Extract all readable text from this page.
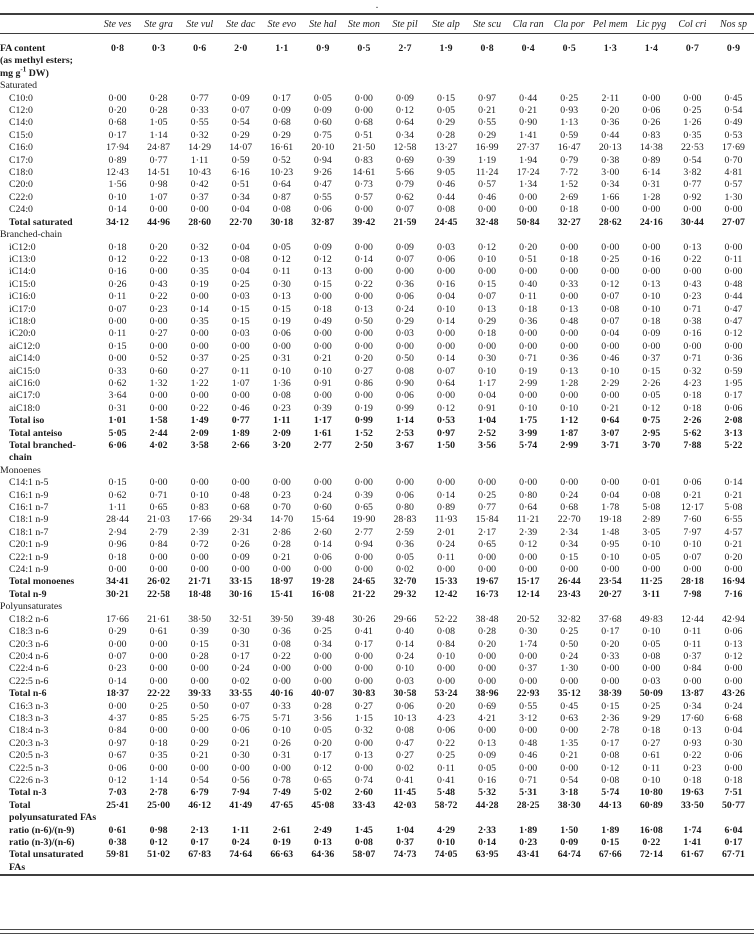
.
	Ste ves	Ste gra	Ste vul	Ste dac	Ste evo	Ste hal	Ste mon	Ste pil	Ste alp	Ste scu	Cla ran	Cla por	Pel mem	Lic pyg	Col cri	Nos sp
FA content
(as methyl esters;
mg $g^{-1}$ DW)	0·8	0·3	0·6	2·0	1·1	0·9	0·5	2·7	1·9	0·8	0·4	0·5	1·3	1·4	0·7	0·9
Saturated																
C10:0	0·00	0·28	0·77	0·09	0·17	0·05	0·00	0·09	0·15	0·97	0·44	0·25	2·11	0·00	0·00	0·45
C12:0	0·20	0·28	0·33	0·07	0·09	0·09	0·00	0·12	0·05	0·21	0·21	0·93	0·20	0·06	0·25	0·54
C14:0	0·68	1·05	0·55	0·54	0·68	0·60	0·68	0·64	0·29	0·55	0·90	1·13	0·36	0·26	1·26	0·49
C15:0	0·17	1·14	0·32	0·29	0·29	0·75	0·51	0·34	0·28	0·29	1·41	0·59	0·44	0·83	0·35	0·53
C16:0	17·94	24·87	14·29	14·07	16·61	20·10	21·50	12·58	13·27	16·99	27·37	16·47	20·13	14·38	22·53	17·69
C17:0	0·89	0·77	1·11	0·59	0·52	0·94	0·83	0·69	0·39	1·19	1·94	0·79	0·38	0·89	0·54	0·70
C18:0	12·43	14·51	10·43	6·16	10·23	9·26	14·61	5·66	9·05	11·24	17·24	7·72	3·00	6·14	3·82	4·81
C20:0	1·56	0·98	0·42	0·51	0·64	0·47	0·73	0·79	0·46	0·57	1·34	1·52	0·34	0·31	0·77	0·57
C22:0	0·10	1·07	0·37	0·34	0·87	0·55	0·57	0·62	0·44	0·46	0·00	2·69	1·66	1·28	0·92	1·30
C24:0	0·14	0·00	0·00	0·04	0·08	0·06	0·00	0·07	0·08	0·00	0·00	0·18	0·00	0·00	0·00	0·00
Total saturated	34·12	44·96	28·60	22·70	30·18	32·87	39·42	21·59	24·45	32·48	50·84	32·27	28·62	24·16	30·44	27·07
Branched-chain																
iC12:0	0·18	0·20	0·32	0·04	0·05	0·09	0·00	0·09	0·03	0·12	0·20	0·00	0·00	0·00	0·13	0·00
iC13:0	0·12	0·22	0·13	0·08	0·12	0·12	0·14	0·07	0·06	0·10	0·51	0·18	0·25	0·16	0·22	0·11
iC14:0	0·16	0·00	0·35	0·04	0·11	0·13	0·00	0·00	0·00	0·00	0·00	0·00	0·00	0·00	0·00	0·00
iC15:0	0·26	0·43	0·19	0·25	0·30	0·15	0·22	0·36	0·16	0·15	0·40	0·33	0·12	0·13	0·43	0·48
iC16:0	0·11	0·22	0·00	0·03	0·13	0·00	0·00	0·06	0·04	0·07	0·11	0·00	0·07	0·10	0·23	0·44
iC17:0	0·07	0·23	0·14	0·15	0·15	0·18	0·13	0·24	0·10	0·13	0·18	0·13	0·08	0·10	0·71	0·47
iC18:0	0·00	0·00	0·35	0·15	0·19	0·49	0·50	0·29	0·14	0·29	0·36	0·48	0·07	0·18	0·38	0·47
iC20:0	0·11	0·27	0·00	0·03	0·06	0·00	0·00	0·03	0·00	0·18	0·00	0·00	0·04	0·09	0·16	0·12
aiC12:0	0·15	0·00	0·00	0·00	0·00	0·00	0·00	0·00	0·00	0·00	0·00	0·00	0·00	0·00	0·00	0·00
aiC14:0	0·00	0·52	0·37	0·25	0·31	0·21	0·20	0·50	0·14	0·30	0·71	0·36	0·46	0·37	0·71	0·36
aiC15:0	0·33	0·60	0·27	0·11	0·10	0·10	0·27	0·08	0·07	0·10	0·19	0·13	0·10	0·15	0·32	0·59
aiC16:0	0·62	1·32	1·22	1·07	1·36	0·91	0·86	0·90	0·64	1·17	2·99	1·28	2·29	2·26	4·23	1·95
aiC17:0	3·64	0·00	0·00	0·00	0·08	0·00	0·00	0·06	0·00	0·04	0·00	0·00	0·00	0·05	0·18	0·17
aiC18:0	0·31	0·00	0·22	0·46	0·23	0·39	0·19	0·99	0·12	0·91	0·10	0·10	0·21	0·12	0·18	0·06
Total iso	1·01	1·58	1·49	0·77	1·11	1·17	0·99	1·14	0·53	1·04	1·75	1·12	0·64	0·75	2·26	2·08
Total anteiso	5·05	2·44	2·09	1·89	2·09	1·61	1·52	2·53	0·97	2·52	3·99	1·87	3·07	2·95	5·62	3·13
Total branched-chain	6·06	4·02	3·58	2·66	3·20	2·77	2·50	3·67	1·50	3·56	5·74	2·99	3·71	3·70	7·88	5·22
Monoenes																
C14:1 n-5	0·15	0·00	0·00	0·00	0·00	0·00	0·00	0·00	0·00	0·00	0·00	0·00	0·00	0·01	0·06	0·14
C16:1 n-9	0·62	0·71	0·10	0·48	0·23	0·24	0·39	0·06	0·14	0·25	0·80	0·24	0·04	0·08	0·21	0·21
C16:1 n-7	1·11	0·65	0·83	0·68	0·70	0·60	0·65	0·80	0·89	0·77	0·64	0·68	1·78	5·08	12·17	5·08
C18:1 n-9	28·44	21·03	17·66	29·34	14·70	15·64	19·90	28·83	11·93	15·84	11·21	22·70	19·18	2·89	7·60	6·55
C18:1 n-7	2·94	2·79	2·39	2·31	2·86	2·60	2·77	2·59	2·01	2·17	2·39	2·34	1·48	3·05	7·97	4·57
C20:1 n-9	0·96	0·84	0·72	0·26	0·28	0·14	0·94	0·36	0·24	0·65	0·12	0·34	0·95	0·10	0·10	0·21
C22:1 n-9	0·18	0·00	0·00	0·09	0·21	0·06	0·00	0·05	0·11	0·00	0·00	0·15	0·10	0·05	0·07	0·20
C24:1 n-9	0·00	0·00	0·00	0·00	0·00	0·00	0·00	0·02	0·00	0·00	0·00	0·00	0·00	0·00	0·00	0·00
Total monoenes	34·41	26·02	21·71	33·15	18·97	19·28	24·65	32·70	15·33	19·67	15·17	26·44	23·54	11·25	28·18	16·94
Total n-9	30·21	22·58	18·48	30·16	15·41	16·08	21·22	29·32	12·42	16·73	12·14	23·43	20·27	3·11	7·98	7·16
Polyunsaturates																
C18:2 n-6	17·66	21·61	38·50	32·51	39·50	39·48	30·26	29·66	52·22	38·48	20·52	32·82	37·68	49·83	12·44	42·94
C18:3 n-6	0·29	0·61	0·39	0·30	0·36	0·25	0·41	0·40	0·08	0·28	0·30	0·25	0·17	0·10	0·11	0·06
C20:3 n-6	0·00	0·00	0·15	0·31	0·08	0·34	0·17	0·14	0·84	0·20	1·74	0·50	0·20	0·05	0·11	0·13
C20:4 n-6	0·07	0·00	0·28	0·17	0·22	0·00	0·00	0·24	0·10	0·00	0·00	0·24	0·33	0·08	0·37	0·12
C22:4 n-6	0·23	0·00	0·00	0·24	0·00	0·00	0·00	0·10	0·00	0·00	0·37	1·30	0·00	0·00	0·84	0·00
C22:5 n-6	0·14	0·00	0·00	0·02	0·00	0·00	0·00	0·03	0·00	0·00	0·00	0·00	0·00	0·03	0·00	0·00
Total n-6	18·37	22·22	39·33	33·55	40·16	40·07	30·83	30·58	53·24	38·96	22·93	35·12	38·39	50·09	13·87	43·26
C16:3 n-3	0·00	0·25	0·50	0·07	0·33	0·28	0·27	0·06	0·20	0·69	0·55	0·45	0·15	0·25	0·34	0·24
C18:3 n-3	4·37	0·85	5·25	6·75	5·71	3·56	1·15	10·13	4·23	4·21	3·12	0·63	2·36	9·29	17·60	6·68
C18:4 n-3	0·84	0·00	0·00	0·06	0·10	0·05	0·32	0·08	0·06	0·00	0·00	0·00	2·78	0·18	0·13	0·04
C20:3 n-3	0·97	0·18	0·29	0·21	0·26	0·20	0·00	0·47	0·22	0·13	0·48	1·35	0·17	0·27	0·93	0·30
C20:5 n-3	0·67	0·35	0·21	0·30	0·31	0·17	0·13	0·27	0·25	0·09	0·46	0·21	0·08	0·61	0·22	0·06
C22:5 n-3	0·06	0·00	0·00	0·00	0·00	0·12	0·00	0·02	0·11	0·05	0·00	0·00	0·12	0·11	0·23	0·00
C22:6 n-3	0·12	1·14	0·54	0·56	0·78	0·65	0·74	0·41	0·41	0·16	0·71	0·54	0·08	0·10	0·18	0·18
Total n-3	7·03	2·78	6·79	7·94	7·49	5·02	2·60	11·45	5·48	5·32	5·31	3·18	5·74	10·80	19·63	7·51
Total polyunsaturated FAs	25·41	25·00	46·12	41·49	47·65	45·08	33·43	42·03	58·72	44·28	28·25	38·30	44·13	60·89	33·50	50·77
ratio (n-6)/(n-9)	0·61	0·98	2·13	1·11	2·61	2·49	1·45	1·04	4·29	2·33	1·89	1·50	1·89	16·08	1·74	6·04
ratio (n-3)/(n-6)	0·38	0·12	0·17	0·24	0·19	0·13	0·08	0·37	0·10	0·14	0·23	0·09	0·15	0·22	1·41	0·17
Total unsaturated FAs	59·81	51·02	67·83	74·64	66·63	64·36	58·07	74·73	74·05	63·95	43·41	64·74	67·66	72·14	61·67	67·71
